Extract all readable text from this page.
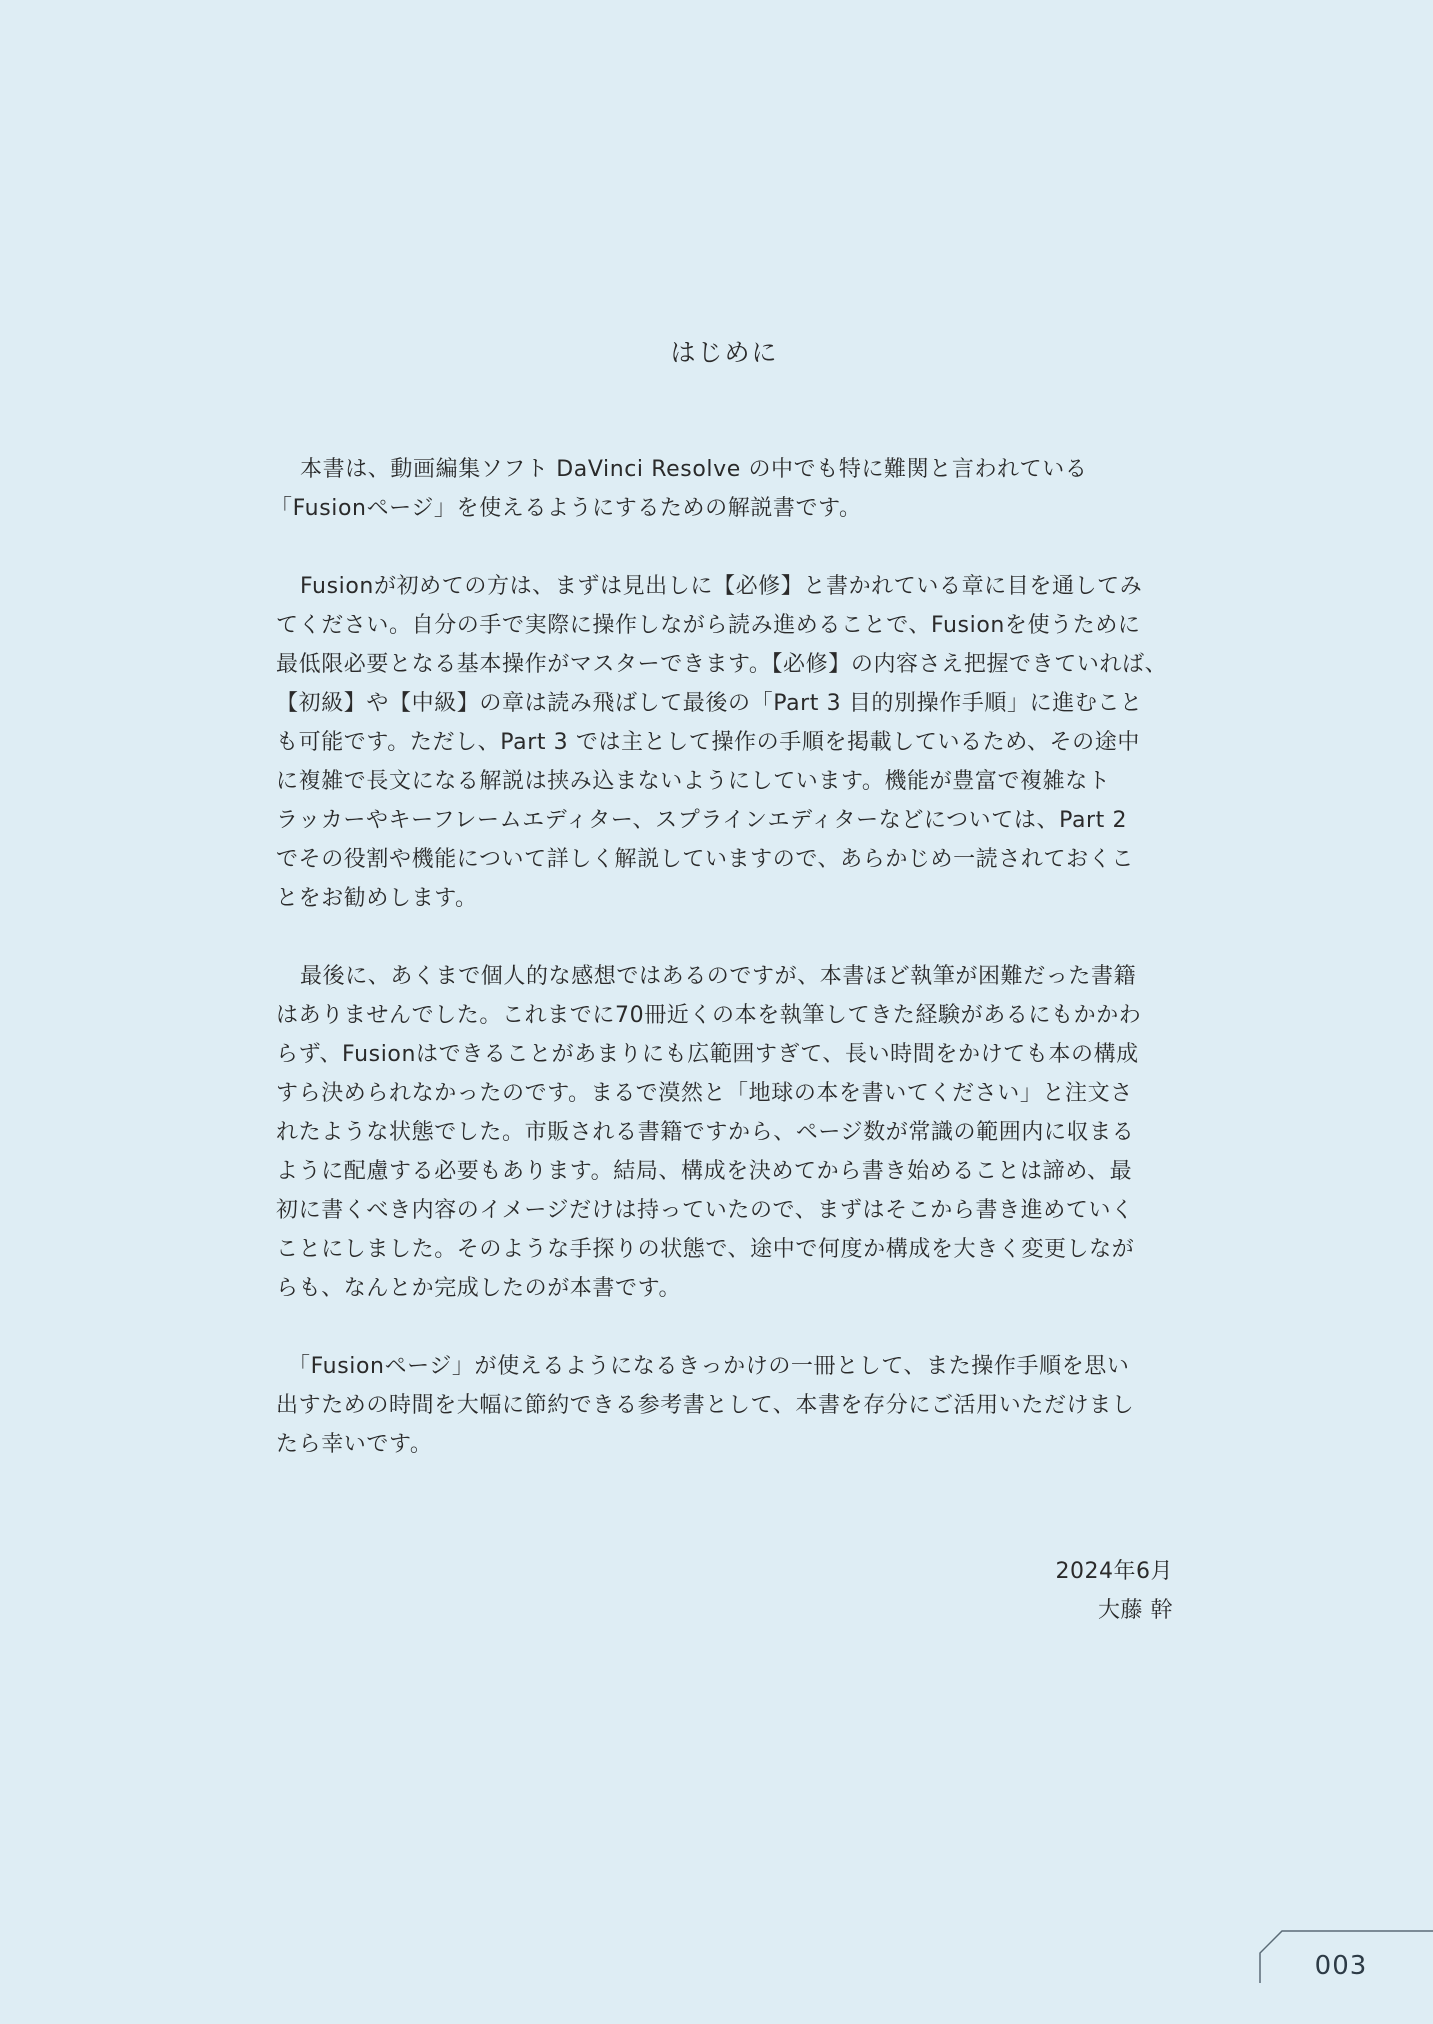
はじめに
本書は、動画編集ソフト DaVinci Resolve の中でも特に難関と言われている
「Fusionページ」を使えるようにするための解説書です。
Fusionが初めての方は、まずは見出しに【必修】と書かれている章に目を通してみ
てください。自分の手で実際に操作しながら読み進めることで、Fusionを使うために
最低限必要となる基本操作がマスターできます。【必修】の内容さえ把握できていれば、
【初級】や【中級】の章は読み飛ばして最後の「Part 3 目的別操作手順」に進むこと
も可能です。ただし、Part 3 では主として操作の手順を掲載しているため、その途中
に複雑で長文になる解説は挟み込まないようにしています。機能が豊富で複雑なト
ラッカーやキーフレームエディター、スプラインエディターなどについては、Part 2
でその役割や機能について詳しく解説していますので、あらかじめ一読されておくこ
とをお勧めします。
最後に、あくまで個人的な感想ではあるのですが、本書ほど執筆が困難だった書籍
はありませんでした。これまでに70冊近くの本を執筆してきた経験があるにもかかわ
らず、Fusionはできることがあまりにも広範囲すぎて、長い時間をかけても本の構成
すら決められなかったのです。まるで漠然と「地球の本を書いてください」と注文さ
れたような状態でした。市販される書籍ですから、ページ数が常識の範囲内に収まる
ように配慮する必要もあります。結局、構成を決めてから書き始めることは諦め、最
初に書くべき内容のイメージだけは持っていたので、まずはそこから書き進めていく
ことにしました。そのような手探りの状態で、途中で何度か構成を大きく変更しなが
らも、なんとか完成したのが本書です。
「Fusionページ」が使えるようになるきっかけの一冊として、また操作手順を思い
出すための時間を大幅に節約できる参考書として、本書を存分にご活用いただけまし
たら幸いです。
2024年6月
大藤 幹
003
